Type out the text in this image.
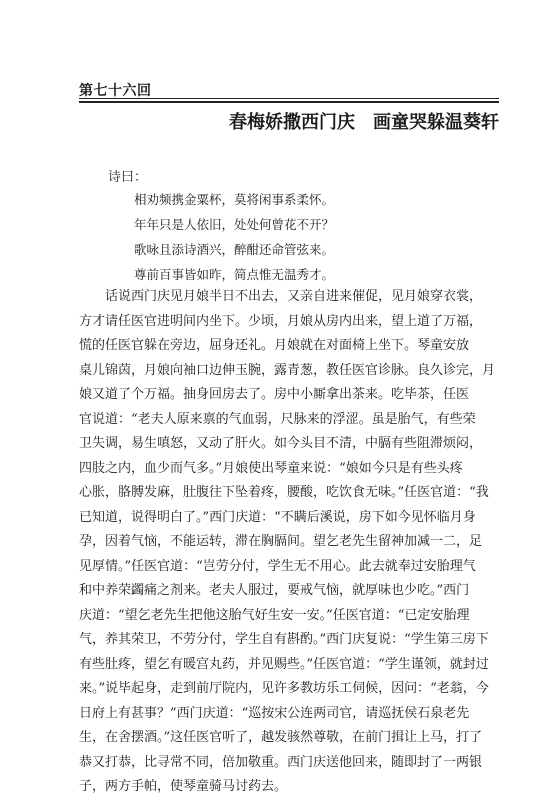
第七十六回
春梅娇撒西门庆 画童哭躲温葵轩
诗曰：
相劝频携金粟杯，莫将闲事系柔怀。
年年只是人依旧，处处何曾花不开？
歌咏且添诗酒兴，醉酣还命管弦来。
尊前百事皆如昨，简点惟无温秀才。
　　话说西门庆见月娘半日不出去，又亲自进来催促，见月娘穿衣裳，
方才请任医官进明间内坐下。少顷，月娘从房内出来，望上道了万福，
慌的任医官躲在旁边，屈身还礼。月娘就在对面椅上坐下。琴童安放
桌儿锦茵，月娘向袖口边伸玉腕，露青葱，教任医官诊脉。良久诊完，月
娘又道了个万福。抽身回房去了。房中小厮拿出茶来。吃毕茶，任医
官说道：“老夫人原来禀的气血弱，尺脉来的浮涩。虽是胎气，有些荣
卫失调，易生嗔怒，又动了肝火。如今头目不清，中膈有些阻滞烦闷，
四肢之内，血少而气多。”月娘使出琴童来说：“娘如今只是有些头疼
心胀，胳膊发麻，肚腹往下坠着疼，腰酸，吃饮食无味。”任医官道：“我
已知道，说得明白了。”西门庆道：“不瞒后溪说，房下如今见怀临月身
孕，因着气恼，不能运转，滞在胸膈间。望乞老先生留神加减一二，足
见厚情。”任医官道：“岂劳分付，学生无不用心。此去就奉过安胎理气
和中养荣蠲痛之剂来。老夫人服过，要戒气恼，就厚味也少吃。”西门
庆道：“望乞老先生把他这胎气好生安一安。”任医官道：“已定安胎理
气，养其荣卫，不劳分付，学生自有斟酌。”西门庆复说：“学生第三房下
有些肚疼，望乞有暖宫丸药，并见赐些。”任医官道：“学生谨领，就封过
来。”说毕起身，走到前厅院内，见许多教坊乐工伺候，因问：“老翁，今
日府上有甚事？”西门庆道：“巡按宋公连两司官，请巡抚侯石泉老先
生，在舍摆酒。”这任医官听了，越发骇然尊敬，在前门揖让上马，打了
恭又打恭，比寻常不同，倍加敬重。西门庆送他回来，随即封了一两银
子，两方手帕，使琴童骑马讨药去。
